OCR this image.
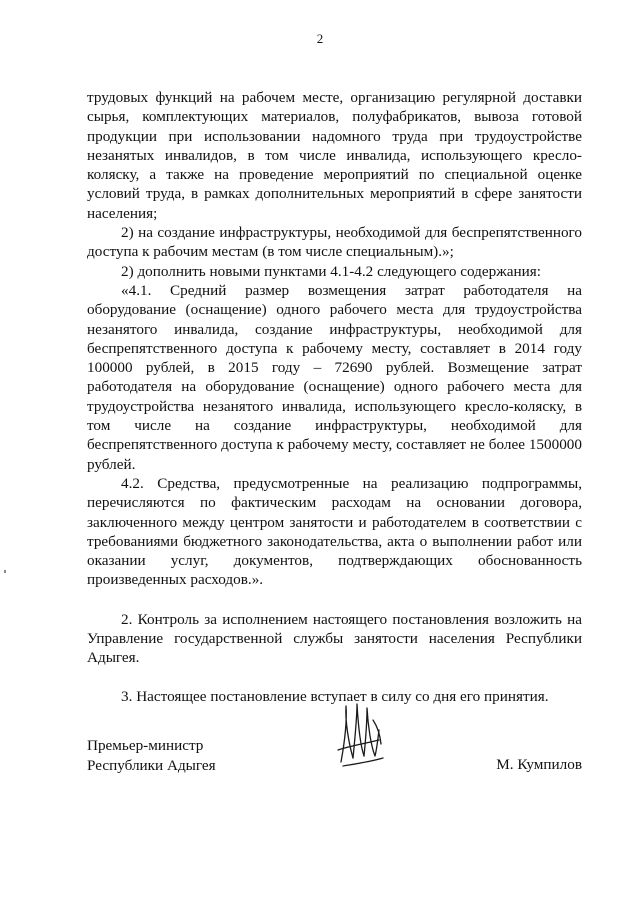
2

трудовых функций на рабочем месте, организацию регулярной доставки сырья, комплектующих материалов, полуфабрикатов, вывоза готовой продукции при использовании надомного труда при трудоустройстве незанятых инвалидов, в том числе инвалида, использующего кресло-коляску, а также на проведение мероприятий по специальной оценке условий труда, в рамках дополнительных мероприятий в сфере занятости населения;

2) на создание инфраструктуры, необходимой для беспрепятственного доступа к рабочим местам (в том числе специальным).»;

2) дополнить новыми пунктами 4.1-4.2 следующего содержания:

«4.1. Средний размер возмещения затрат работодателя на оборудование (оснащение) одного рабочего места для трудоустройства незанятого инвалида, создание инфраструктуры, необходимой для беспрепятственного доступа к рабочему месту, составляет в 2014 году 100000 рублей, в 2015 году – 72690 рублей. Возмещение затрат работодателя на оборудование (оснащение) одного рабочего места для трудоустройства незанятого инвалида, использующего кресло-коляску, в том числе на создание инфраструктуры, необходимой для беспрепятственного доступа к рабочему месту, составляет не более 1500000 рублей.

4.2. Средства, предусмотренные на реализацию подпрограммы, перечисляются по фактическим расходам на основании договора, заключенного между центром занятости и работодателем в соответствии с требованиями бюджетного законодательства, акта о выполнении работ или оказании услуг, документов, подтверждающих обоснованность произведенных расходов.».

2. Контроль за исполнением настоящего постановления возложить на Управление государственной службы занятости населения Республики Адыгея.

3. Настоящее постановление вступает в силу со дня его принятия.

Премьер-министр
Республики Адыгея	М. Кумпилов
